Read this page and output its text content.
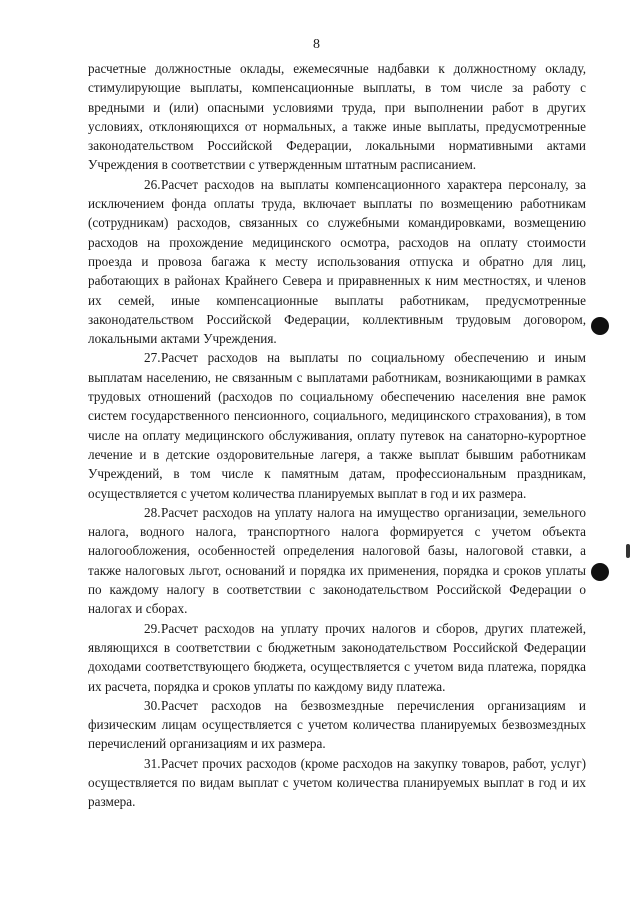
8

расчетные должностные оклады, ежемесячные надбавки к должностному окладу, стимулирующие выплаты, компенсационные выплаты, в том числе за работу с вредными и (или) опасными условиями труда, при выполнении работ в других условиях, отклоняющихся от нормальных, а также иные выплаты, предусмотренные законодательством Российской Федерации, локальными нормативными актами Учреждения в соответствии с утвержденным штатным расписанием.

26.Расчет расходов на выплаты компенсационного характера персоналу, за исключением фонда оплаты труда, включает выплаты по возмещению работникам (сотрудникам) расходов, связанных со служебными командировками, возмещению расходов на прохождение медицинского осмотра, расходов на оплату стоимости проезда и провоза багажа к месту использования отпуска и обратно для лиц, работающих в районах Крайнего Севера и приравненных к ним местностях, и членов их семей, иные компенсационные выплаты работникам, предусмотренные законодательством Российской Федерации, коллективным трудовым договором, локальными актами Учреждения.

27.Расчет расходов на выплаты по социальному обеспечению и иным выплатам населению, не связанным с выплатами работникам, возникающими в рамках трудовых отношений (расходов по социальному обеспечению населения вне рамок систем государственного пенсионного, социального, медицинского страхования), в том числе на оплату медицинского обслуживания, оплату путевок на санаторно-курортное лечение и в детские оздоровительные лагеря, а также выплат бывшим работникам Учреждений, в том числе к памятным датам, профессиональным праздникам, осуществляется с учетом количества планируемых выплат в год и их размера.

28.Расчет расходов на уплату налога на имущество организации, земельного налога, водного налога, транспортного налога формируется с учетом объекта налогообложения, особенностей определения налоговой базы, налоговой ставки, а также налоговых льгот, оснований и порядка их применения, порядка и сроков уплаты по каждому налогу в соответствии с законодательством Российской Федерации о налогах и сборах.

29.Расчет расходов на уплату прочих налогов и сборов, других платежей, являющихся в соответствии с бюджетным законодательством Российской Федерации доходами соответствующего бюджета, осуществляется с учетом вида платежа, порядка их расчета, порядка и сроков уплаты по каждому виду платежа.

30.Расчет расходов на безвозмездные перечисления организациям и физическим лицам осуществляется с учетом количества планируемых безвозмездных перечислений организациям и их размера.

31.Расчет прочих расходов (кроме расходов на закупку товаров, работ, услуг) осуществляется по видам выплат с учетом количества планируемых выплат в год и их размера.
